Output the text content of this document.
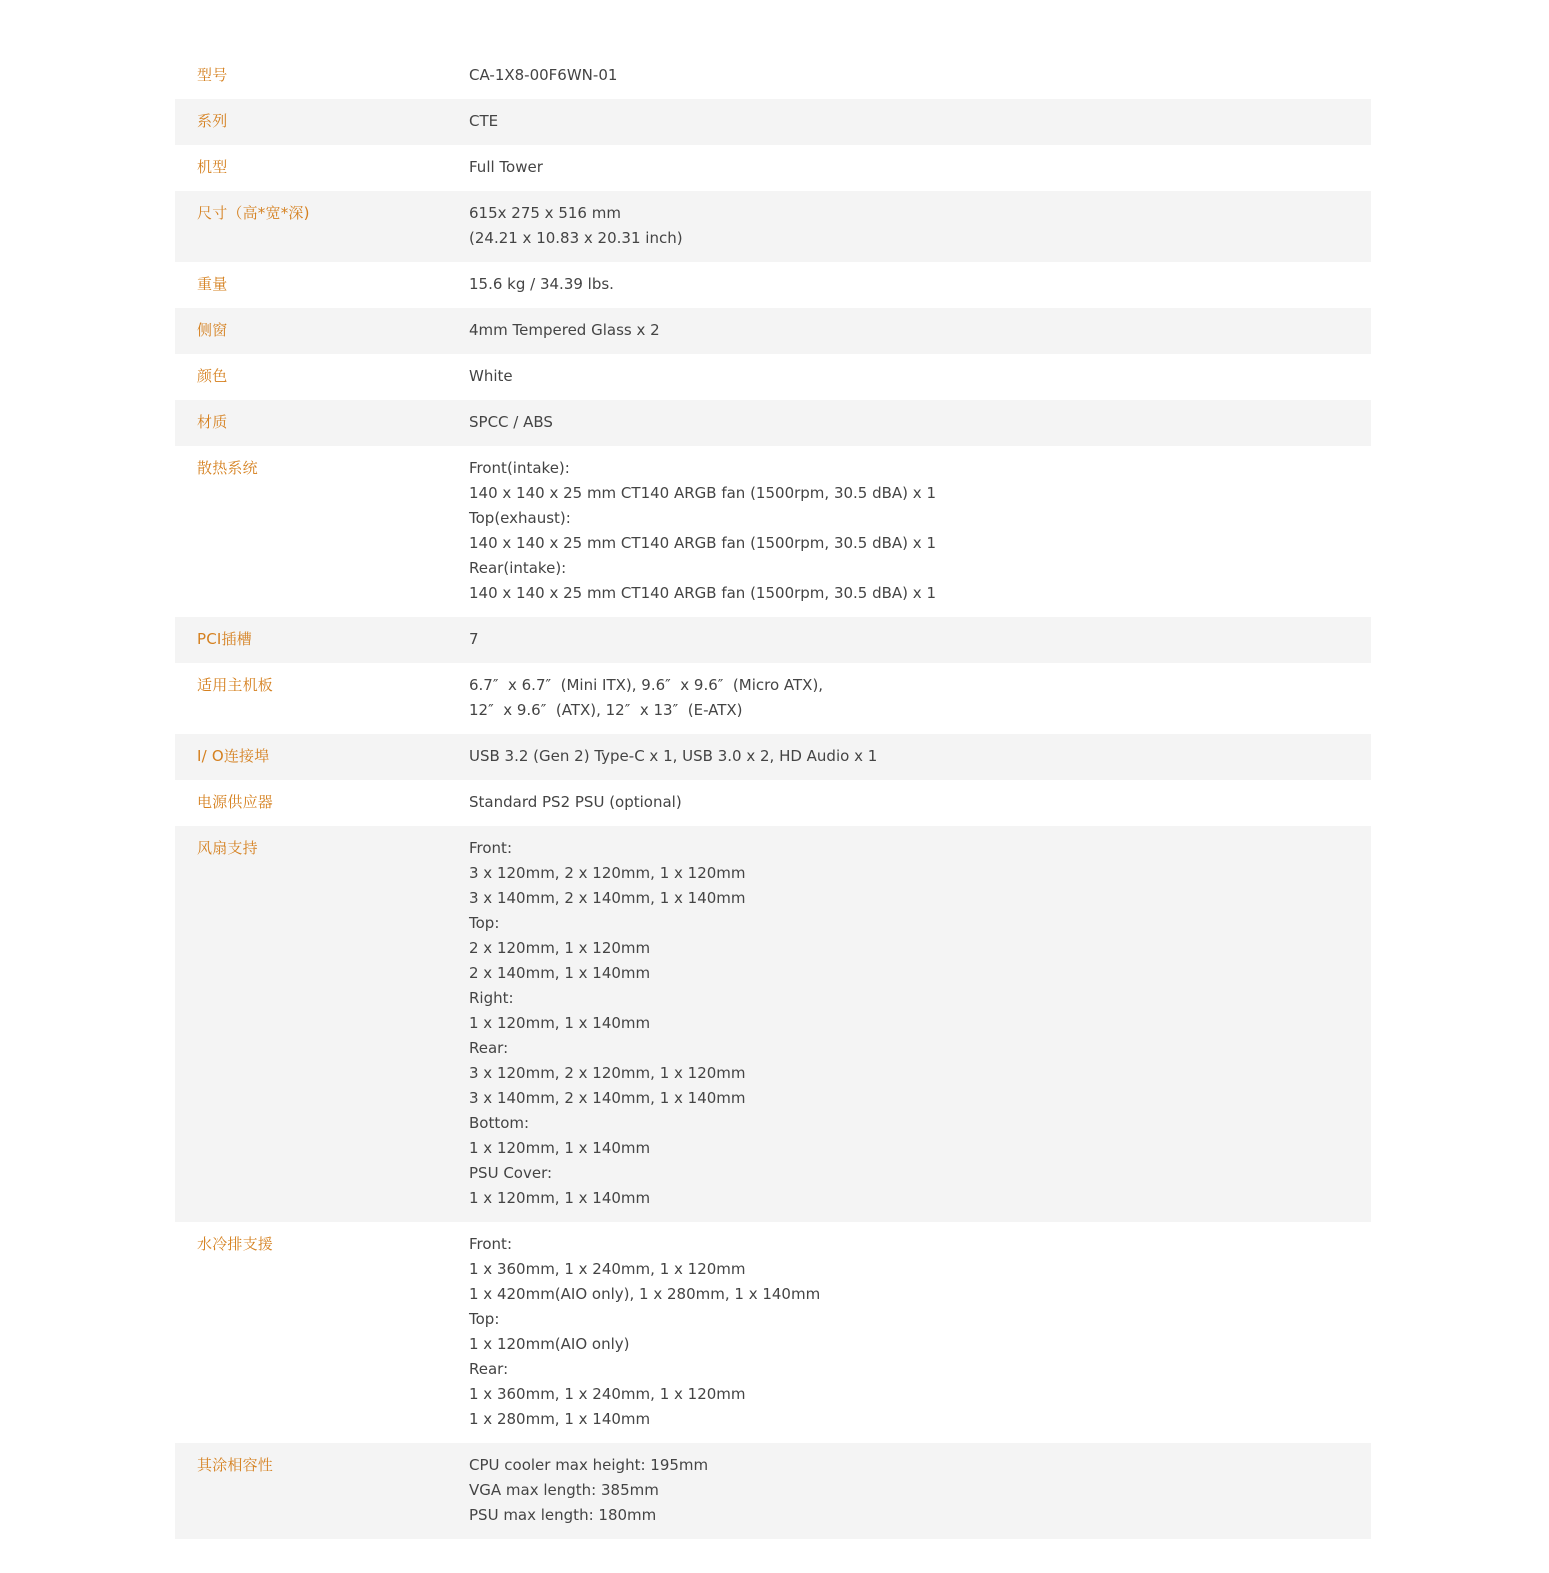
型号	CA-1X8-00F6WN-01
系列	CTE
机型	Full Tower
尺寸（高*宽*深)	615x 275 x 516 mm
(24.21 x 10.83 x 20.31 inch)
重量	15.6 kg / 34.39 lbs.
侧窗	4mm Tempered Glass x 2
颜色	White
材质	SPCC / ABS
散热系统	Front(intake):
140 x 140 x 25 mm CT140 ARGB fan (1500rpm, 30.5 dBA) x 1
Top(exhaust):
140 x 140 x 25 mm CT140 ARGB fan (1500rpm, 30.5 dBA) x 1
Rear(intake):
140 x 140 x 25 mm CT140 ARGB fan (1500rpm, 30.5 dBA) x 1
PCI插槽	7
适用主机板	6.7″  x 6.7″  (Mini ITX), 9.6″  x 9.6″  (Micro ATX),
12″  x 9.6″  (ATX), 12″  x 13″  (E-ATX)
I/ O连接埠	USB 3.2 (Gen 2) Type-C x 1, USB 3.0 x 2, HD Audio x 1
电源供应器	Standard PS2 PSU (optional)
风扇支持	Front:
3 x 120mm, 2 x 120mm, 1 x 120mm
3 x 140mm, 2 x 140mm, 1 x 140mm
Top:
2 x 120mm, 1 x 120mm
2 x 140mm, 1 x 140mm
Right:
1 x 120mm, 1 x 140mm
Rear:
3 x 120mm, 2 x 120mm, 1 x 120mm
3 x 140mm, 2 x 140mm, 1 x 140mm
Bottom:
1 x 120mm, 1 x 140mm
PSU Cover:
1 x 120mm, 1 x 140mm
水冷排支援	Front:
1 x 360mm, 1 x 240mm, 1 x 120mm
1 x 420mm(AIO only), 1 x 280mm, 1 x 140mm
Top:
1 x 120mm(AIO only)
Rear:
1 x 360mm, 1 x 240mm, 1 x 120mm
1 x 280mm, 1 x 140mm
其涂相容性	CPU cooler max height: 195mm
VGA max length: 385mm
PSU max length: 180mm
